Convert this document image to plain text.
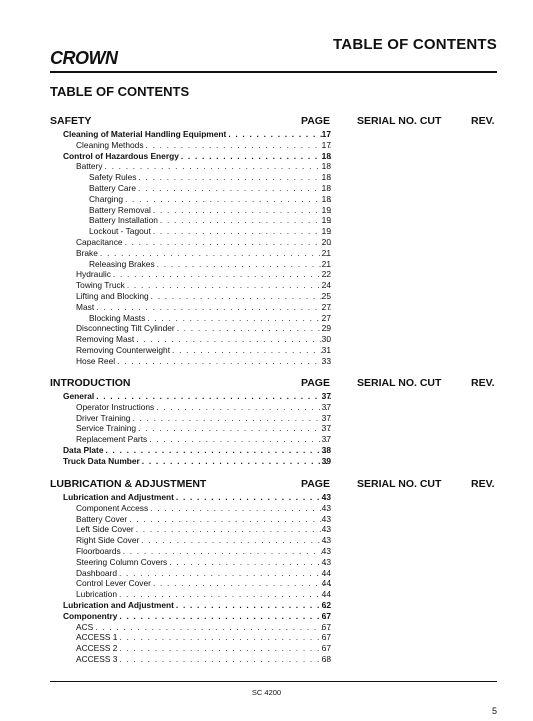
CROWN
TABLE OF CONTENTS
TABLE OF CONTENTS
SAFETY	PAGE	SERIAL NO. CUT	REV.
Cleaning of Material Handling Equipment . . .	17
Cleaning Methods . . .	17
Control of Hazardous Energy . . .	18
Battery . . .	18
Safety Rules . . .	18
Battery Care . . .	18
Charging . . .	18
Battery Removal . . .	19
Battery Installation . . .	19
Lockout - Tagout . . .	19
Capacitance . . .	20
Brake . . .	21
Releasing Brakes . . .	21
Hydraulic . . .	22
Towing Truck . . .	24
Lifting and Blocking . . .	25
Mast . . .	27
Blocking Masts . . .	27
Disconnecting Tilt Cylinder . . .	29
Removing Mast . . .	30
Removing Counterweight . . .	31
Hose Reel . . .	33
INTRODUCTION	PAGE	SERIAL NO. CUT	REV.
General . . .	37
Operator Instructions . . .	37
Driver Training . . .	37
Service Training . . .	37
Replacement Parts . . .	37
Data Plate . . .	38
Truck Data Number . . .	39
LUBRICATION & ADJUSTMENT	PAGE	SERIAL NO. CUT	REV.
Lubrication and Adjustment . . .	43
Component Access . . .	43
Battery Cover . . .	43
Left Side Cover . . .	43
Right Side Cover . . .	43
Floorboards . . .	43
Steering Column Covers . . .	43
Dashboard . . .	44
Control Lever Cover . . .	44
Lubrication . . .	44
Lubrication and Adjustment . . .	62
Componentry . . .	67
ACS . . .	67
ACCESS 1 . . .	67
ACCESS 2 . . .	67
ACCESS 3 . . .	68
SC 4200
5
